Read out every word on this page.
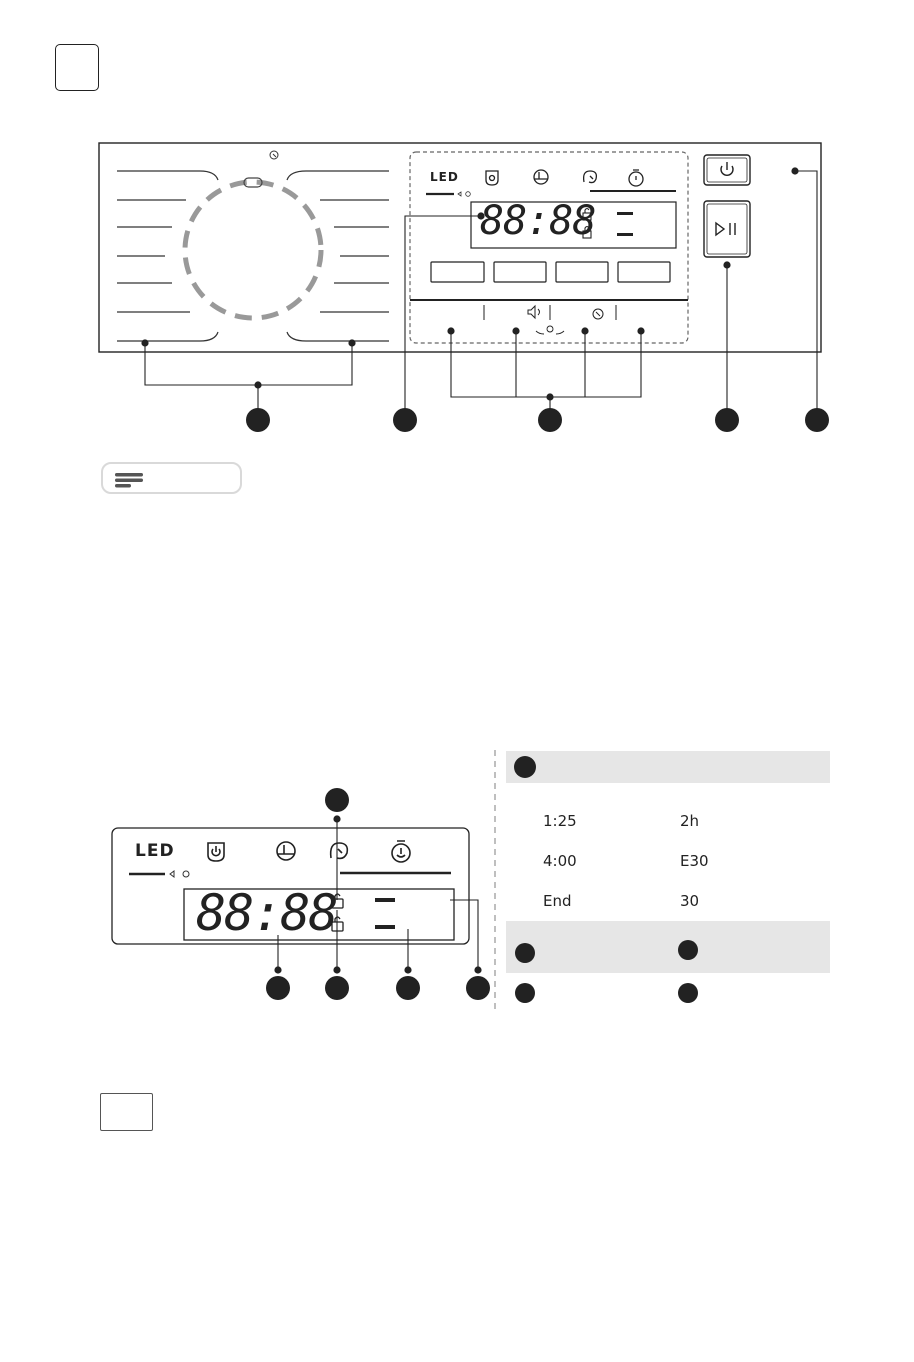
LED
88:88
LED
88:88
1:25	2h
4:00	E30
End	30
